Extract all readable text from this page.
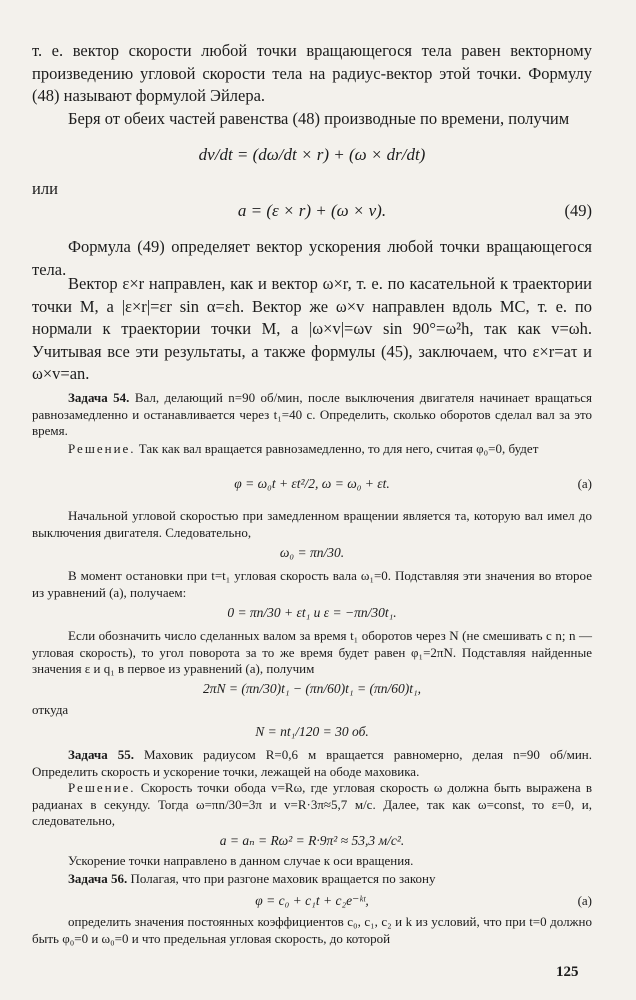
т. е. вектор скорости любой точки вращающегося тела равен векторному произведению угловой скорости тела на радиус-вектор этой точки. Формулу (48) называют формулой Эйлера.

Беря от обеих частей равенства (48) производные по времени, получим

dv/dt = (dω/dt × r) + (ω × dr/dt)

или

a = (ε × r) + (ω × v).	(49)

Формула (49) определяет вектор ускорения любой точки вращающегося тела.

Вектор ε×r направлен, как и вектор ω×r, т. е. по касательной к траектории точки M, а |ε×r|=εr sin α=εh. Вектор же ω×v направлен вдоль MC, т. е. по нормали к траектории точки M, а |ω×v|=ωv sin 90°=ω²h, так как v=ωh. Учитывая все эти результаты, а также формулы (45), заключаем, что ε×r=aτ и ω×v=an.

Задача 54. Вал, делающий n=90 об/мин, после выключения двигателя начинает вращаться равнозамедленно и останавливается через t₁=40 с. Определить, сколько оборотов сделал вал за это время.

Решение. Так как вал вращается равнозамедленно, то для него, считая φ₀=0, будет

φ = ω₀t + εt²/2, ω = ω₀ + εt.	(а)

Начальной угловой скоростью при замедленном вращении является та, которую вал имел до выключения двигателя. Следовательно,

ω₀ = πn/30.

В момент остановки при t=t₁ угловая скорость вала ω₁=0. Подставляя эти значения во второе из уравнений (а), получаем:

0 = πn/30 + εt₁ и ε = −πn/30t₁.

Если обозначить число сделанных валом за время t₁ оборотов через N (не смешивать с n; n — угловая скорость), то угол поворота за то же время будет равен φ₁=2πN. Подставляя найденные значения ε и q₁ в первое из уравнений (а), получим

2πN = (πn/30)t₁ − (πn/60)t₁ = (πn/60)t₁,

откуда

N = nt₁/120 = 30 об.

Задача 55. Маховик радиусом R=0,6 м вращается равномерно, делая n=90 об/мин. Определить скорость и ускорение точки, лежащей на ободе маховика.

Решение. Скорость точки обода v=Rω, где угловая скорость ω должна быть выражена в радианах в секунду. Тогда ω=πn/30=3π и v=R·3π≈5,7 м/с. Далее, так как ω=const, то ε=0, и, следовательно,

a = aₙ = Rω² = R·9π² ≈ 53,3 м/с².

Ускорение точки направлено в данном случае к оси вращения.

Задача 56. Полагая, что при разгоне маховик вращается по закону

φ = c₀ + c₁t + c₂e⁻ᵏᵗ,	(а)

определить значения постоянных коэффициентов c₀, c₁, c₂ и k из условий, что при t=0 должно быть φ₀=0 и ω₀=0 и что предельная угловая скорость, до которой

125
